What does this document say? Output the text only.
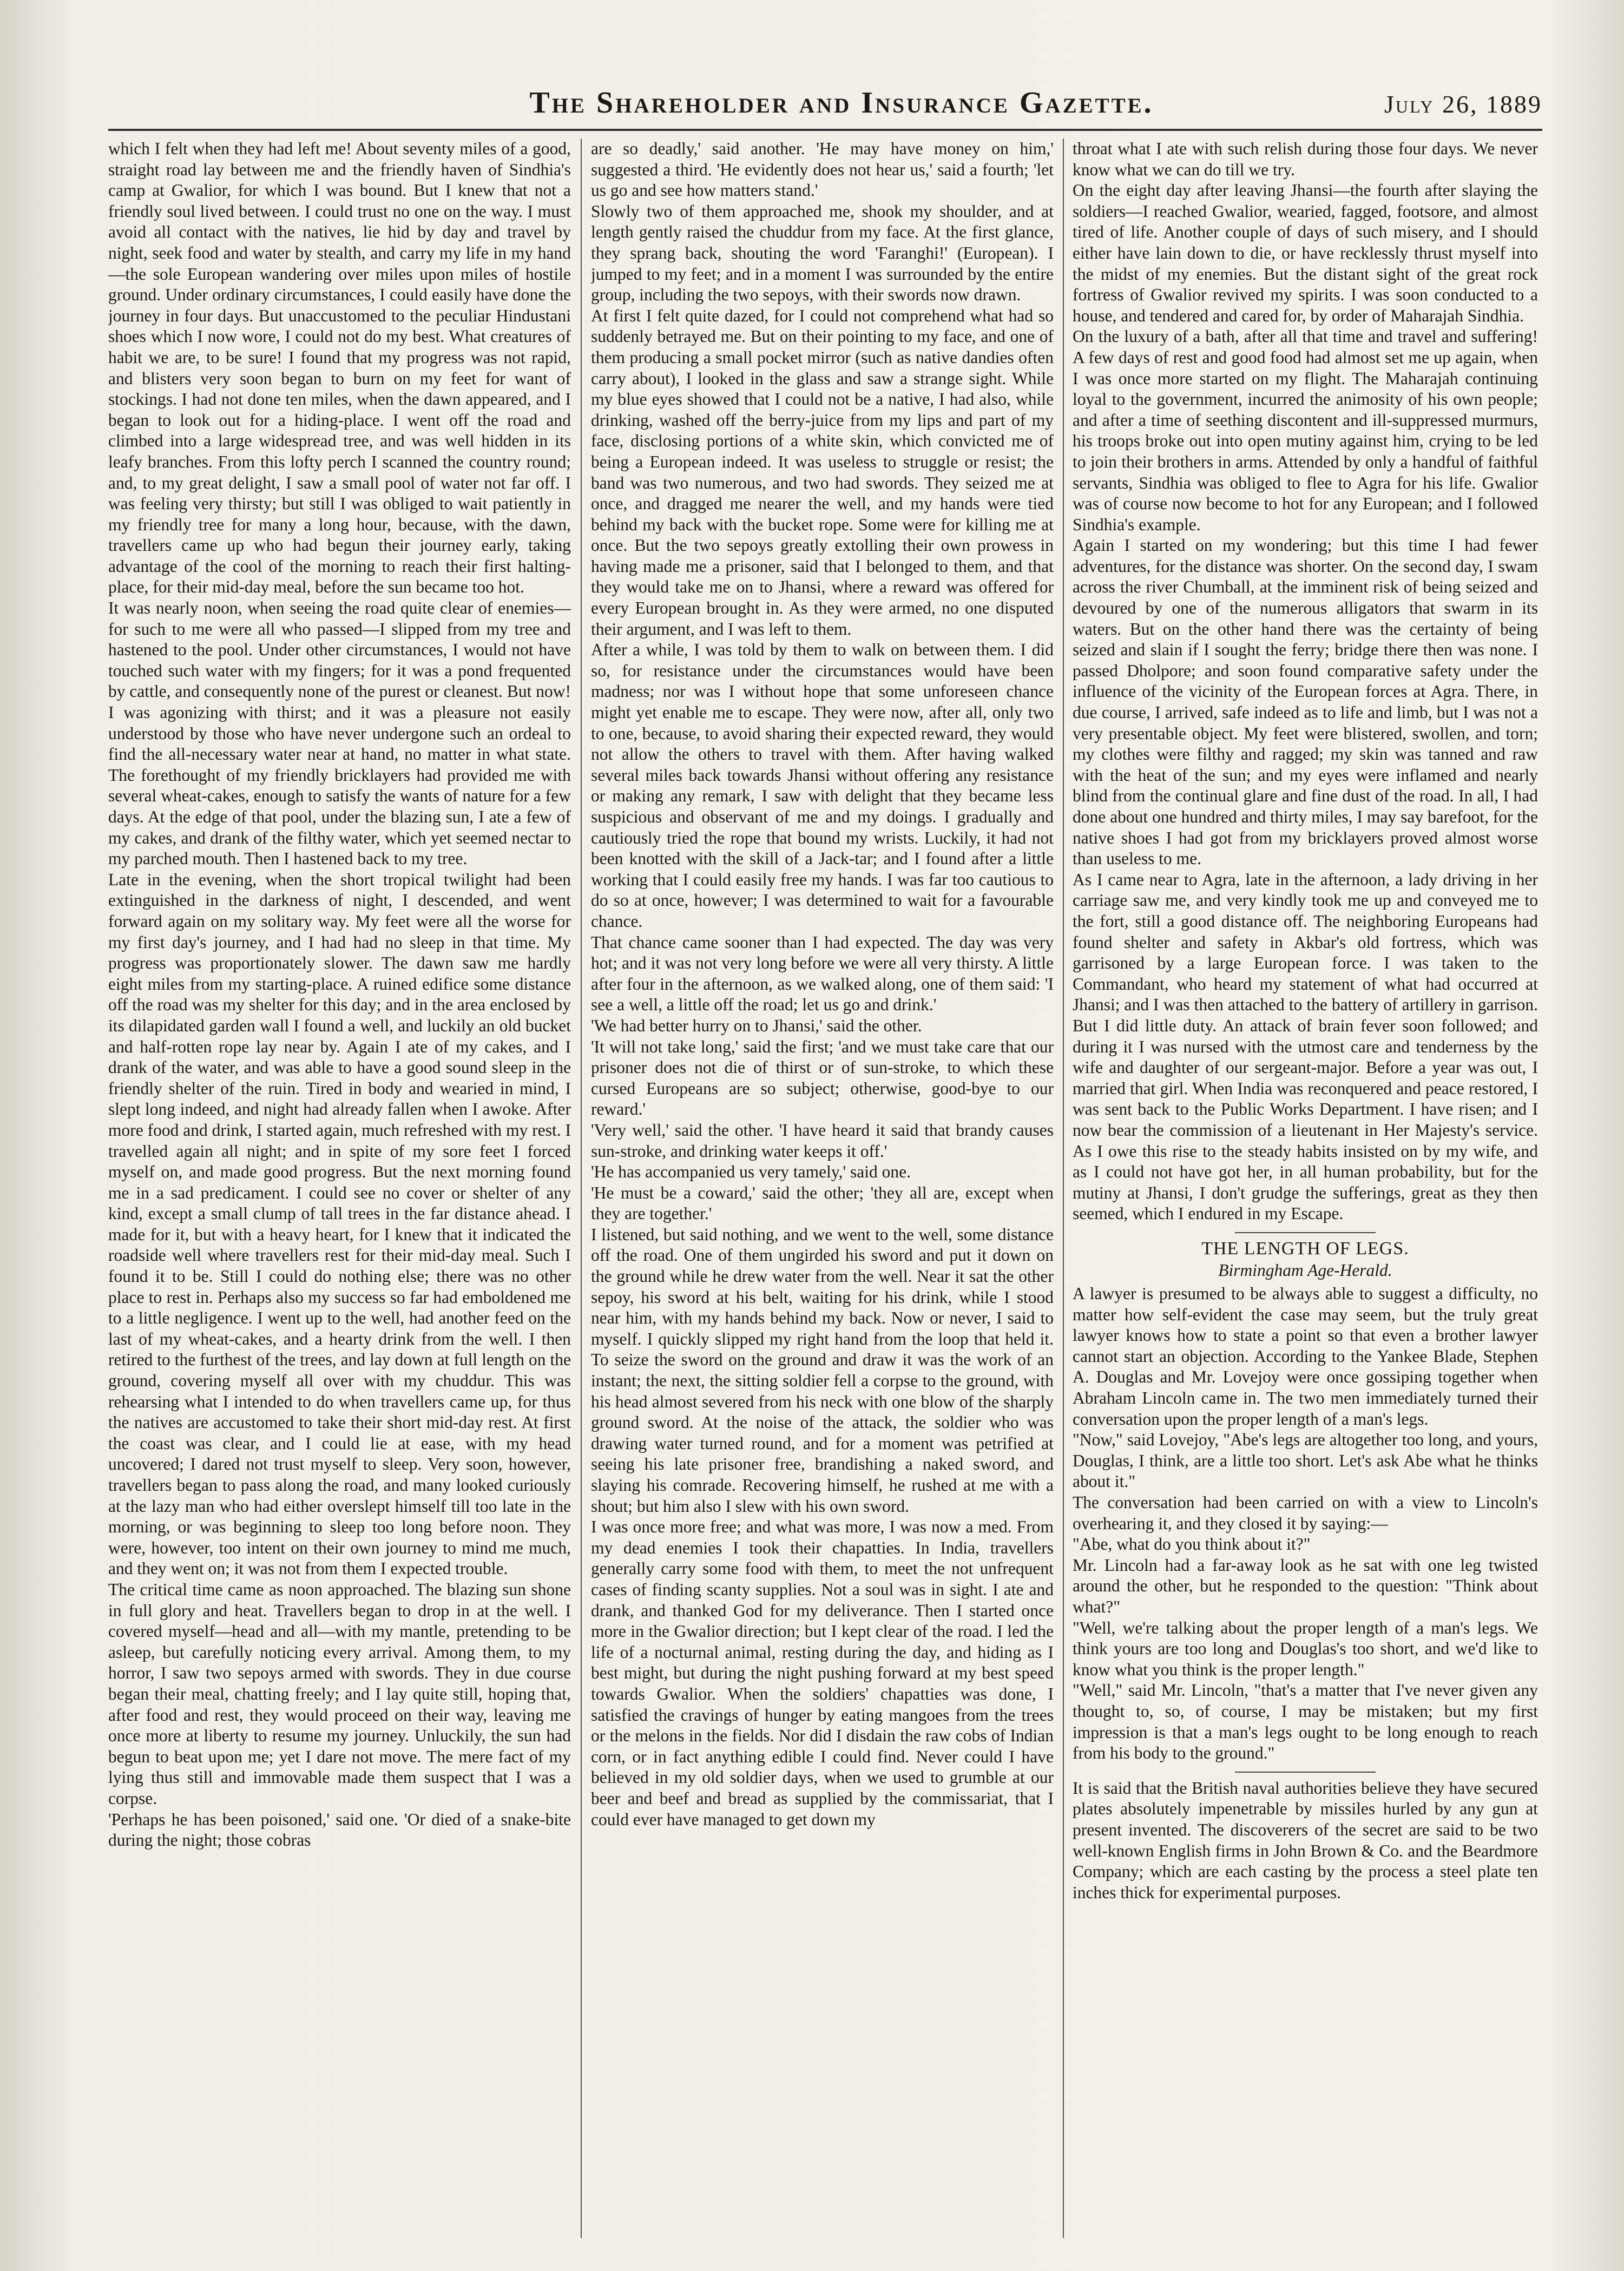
The Shareholder and Insurance Gazette.	July 26, 1889

which I felt when they had left me! About seventy miles of a good, straight road lay between me and the friendly haven of Sindhia's camp at Gwalior, for which I was bound. But I knew that not a friendly soul lived between. I could trust no one on the way. I must avoid all contact with the natives, lie hid by day and travel by night, seek food and water by stealth, and carry my life in my hand—the sole European wandering over miles upon miles of hostile ground. Under ordinary circumstances, I could easily have done the journey in four days. But unaccustomed to the peculiar Hindustani shoes which I now wore, I could not do my best. What creatures of habit we are, to be sure! I found that my progress was not rapid, and blisters very soon began to burn on my feet for want of stockings. I had not done ten miles, when the dawn appeared, and I began to look out for a hiding-place. I went off the road and climbed into a large widespread tree, and was well hidden in its leafy branches. From this lofty perch I scanned the country round; and, to my great delight, I saw a small pool of water not far off. I was feeling very thirsty; but still I was obliged to wait patiently in my friendly tree for many a long hour, because, with the dawn, travellers came up who had begun their journey early, taking advantage of the cool of the morning to reach their first halting-place, for their mid-day meal, before the sun became too hot.

It was nearly noon, when seeing the road quite clear of enemies—for such to me were all who passed—I slipped from my tree and hastened to the pool. Under other circumstances, I would not have touched such water with my fingers; for it was a pond frequented by cattle, and consequently none of the purest or cleanest. But now! I was agonizing with thirst; and it was a pleasure not easily understood by those who have never undergone such an ordeal to find the all-necessary water near at hand, no matter in what state. The forethought of my friendly bricklayers had provided me with several wheat-cakes, enough to satisfy the wants of nature for a few days. At the edge of that pool, under the blazing sun, I ate a few of my cakes, and drank of the filthy water, which yet seemed nectar to my parched mouth. Then I hastened back to my tree.

Late in the evening, when the short tropical twilight had been extinguished in the darkness of night, I descended, and went forward again on my solitary way. My feet were all the worse for my first day's journey, and I had had no sleep in that time. My progress was proportionately slower. The dawn saw me hardly eight miles from my starting-place. A ruined edifice some distance off the road was my shelter for this day; and in the area enclosed by its dilapidated garden wall I found a well, and luckily an old bucket and half-rotten rope lay near by. Again I ate of my cakes, and I drank of the water, and was able to have a good sound sleep in the friendly shelter of the ruin. Tired in body and wearied in mind, I slept long indeed, and night had already fallen when I awoke. After more food and drink, I started again, much refreshed with my rest. I travelled again all night; and in spite of my sore feet I forced myself on, and made good progress. But the next morning found me in a sad predicament. I could see no cover or shelter of any kind, except a small clump of tall trees in the far distance ahead. I made for it, but with a heavy heart, for I knew that it indicated the roadside well where travellers rest for their mid-day meal. Such I found it to be. Still I could do nothing else; there was no other place to rest in. Perhaps also my success so far had emboldened me to a little negligence. I went up to the well, had another feed on the last of my wheat-cakes, and a hearty drink from the well. I then retired to the furthest of the trees, and lay down at full length on the ground, covering myself all over with my chuddur. This was rehearsing what I intended to do when travellers came up, for thus the natives are accustomed to take their short mid-day rest. At first the coast was clear, and I could lie at ease, with my head uncovered; I dared not trust myself to sleep. Very soon, however, travellers began to pass along the road, and many looked curiously at the lazy man who had either overslept himself till too late in the morning, or was beginning to sleep too long before noon. They were, however, too intent on their own journey to mind me much, and they went on; it was not from them I expected trouble.

The critical time came as noon approached. The blazing sun shone in full glory and heat. Travellers began to drop in at the well. I covered myself—head and all—with my mantle, pretending to be asleep, but carefully noticing every arrival. Among them, to my horror, I saw two sepoys armed with swords. They in due course began their meal, chatting freely; and I lay quite still, hoping that, after food and rest, they would proceed on their way, leaving me once more at liberty to resume my journey. Unluckily, the sun had begun to beat upon me; yet I dare not move. The mere fact of my lying thus still and immovable made them suspect that I was a corpse.

'Perhaps he has been poisoned,' said one. 'Or died of a snake-bite during the night; those cobras

are so deadly,' said another. 'He may have money on him,' suggested a third. 'He evidently does not hear us,' said a fourth; 'let us go and see how matters stand.'

Slowly two of them approached me, shook my shoulder, and at length gently raised the chuddur from my face. At the first glance, they sprang back, shouting the word 'Faranghi!' (European). I jumped to my feet; and in a moment I was surrounded by the entire group, including the two sepoys, with their swords now drawn.

At first I felt quite dazed, for I could not comprehend what had so suddenly betrayed me. But on their pointing to my face, and one of them producing a small pocket mirror (such as native dandies often carry about), I looked in the glass and saw a strange sight. While my blue eyes showed that I could not be a native, I had also, while drinking, washed off the berry-juice from my lips and part of my face, disclosing portions of a white skin, which convicted me of being a European indeed. It was useless to struggle or resist; the band was two numerous, and two had swords. They seized me at once, and dragged me nearer the well, and my hands were tied behind my back with the bucket rope. Some were for killing me at once. But the two sepoys greatly extolling their own prowess in having made me a prisoner, said that I belonged to them, and that they would take me on to Jhansi, where a reward was offered for every European brought in. As they were armed, no one disputed their argument, and I was left to them.

After a while, I was told by them to walk on between them. I did so, for resistance under the circumstances would have been madness; nor was I without hope that some unforeseen chance might yet enable me to escape. They were now, after all, only two to one, because, to avoid sharing their expected reward, they would not allow the others to travel with them. After having walked several miles back towards Jhansi without offering any resistance or making any remark, I saw with delight that they became less suspicious and observant of me and my doings. I gradually and cautiously tried the rope that bound my wrists. Luckily, it had not been knotted with the skill of a Jack-tar; and I found after a little working that I could easily free my hands. I was far too cautious to do so at once, however; I was determined to wait for a favourable chance.

That chance came sooner than I had expected. The day was very hot; and it was not very long before we were all very thirsty. A little after four in the afternoon, as we walked along, one of them said: 'I see a well, a little off the road; let us go and drink.'

'We had better hurry on to Jhansi,' said the other.

'It will not take long,' said the first; 'and we must take care that our prisoner does not die of thirst or of sun-stroke, to which these cursed Europeans are so subject; otherwise, good-bye to our reward.'

'Very well,' said the other. 'I have heard it said that brandy causes sun-stroke, and drinking water keeps it off.'

'He has accompanied us very tamely,' said one.

'He must be a coward,' said the other; 'they all are, except when they are together.'

I listened, but said nothing, and we went to the well, some distance off the road. One of them ungirded his sword and put it down on the ground while he drew water from the well. Near it sat the other sepoy, his sword at his belt, waiting for his drink, while I stood near him, with my hands behind my back. Now or never, I said to myself. I quickly slipped my right hand from the loop that held it. To seize the sword on the ground and draw it was the work of an instant; the next, the sitting soldier fell a corpse to the ground, with his head almost severed from his neck with one blow of the sharply ground sword. At the noise of the attack, the soldier who was drawing water turned round, and for a moment was petrified at seeing his late prisoner free, brandishing a naked sword, and slaying his comrade. Recovering himself, he rushed at me with a shout; but him also I slew with his own sword.

I was once more free; and what was more, I was now a med. From my dead enemies I took their chapatties. In India, travellers generally carry some food with them, to meet the not unfrequent cases of finding scanty supplies. Not a soul was in sight. I ate and drank, and thanked God for my deliverance. Then I started once more in the Gwalior direction; but I kept clear of the road. I led the life of a nocturnal animal, resting during the day, and hiding as I best might, but during the night pushing forward at my best speed towards Gwalior. When the soldiers' chapatties was done, I satisfied the cravings of hunger by eating mangoes from the trees or the melons in the fields. Nor did I disdain the raw cobs of Indian corn, or in fact anything edible I could find. Never could I have believed in my old soldier days, when we used to grumble at our beer and beef and bread as supplied by the commissariat, that I could ever have managed to get down my

throat what I ate with such relish during those four days. We never know what we can do till we try.

On the eight day after leaving Jhansi—the fourth after slaying the soldiers—I reached Gwalior, wearied, fagged, footsore, and almost tired of life. Another couple of days of such misery, and I should either have lain down to die, or have recklessly thrust myself into the midst of my enemies. But the distant sight of the great rock fortress of Gwalior revived my spirits. I was soon conducted to a house, and tendered and cared for, by order of Maharajah Sindhia.

On the luxury of a bath, after all that time and travel and suffering! A few days of rest and good food had almost set me up again, when I was once more started on my flight. The Maharajah continuing loyal to the government, incurred the animosity of his own people; and after a time of seething discontent and ill-suppressed murmurs, his troops broke out into open mutiny against him, crying to be led to join their brothers in arms. Attended by only a handful of faithful servants, Sindhia was obliged to flee to Agra for his life. Gwalior was of course now become to hot for any European; and I followed Sindhia's example.

Again I started on my wondering; but this time I had fewer adventures, for the distance was shorter. On the second day, I swam across the river Chumball, at the imminent risk of being seized and devoured by one of the numerous alligators that swarm in its waters. But on the other hand there was the certainty of being seized and slain if I sought the ferry; bridge there then was none. I passed Dholpore; and soon found comparative safety under the influence of the vicinity of the European forces at Agra. There, in due course, I arrived, safe indeed as to life and limb, but I was not a very presentable object. My feet were blistered, swollen, and torn; my clothes were filthy and ragged; my skin was tanned and raw with the heat of the sun; and my eyes were inflamed and nearly blind from the continual glare and fine dust of the road. In all, I had done about one hundred and thirty miles, I may say barefoot, for the native shoes I had got from my bricklayers proved almost worse than useless to me.

As I came near to Agra, late in the afternoon, a lady driving in her carriage saw me, and very kindly took me up and conveyed me to the fort, still a good distance off. The neighboring Europeans had found shelter and safety in Akbar's old fortress, which was garrisoned by a large European force. I was taken to the Commandant, who heard my statement of what had occurred at Jhansi; and I was then attached to the battery of artillery in garrison. But I did little duty. An attack of brain fever soon followed; and during it I was nursed with the utmost care and tenderness by the wife and daughter of our sergeant-major. Before a year was out, I married that girl. When India was reconquered and peace restored, I was sent back to the Public Works Department. I have risen; and I now bear the commission of a lieutenant in Her Majesty's service. As I owe this rise to the steady habits insisted on by my wife, and as I could not have got her, in all human probability, but for the mutiny at Jhansi, I don't grudge the sufferings, great as they then seemed, which I endured in my Escape.

THE LENGTH OF LEGS.
Birmingham Age-Herald.

A lawyer is presumed to be always able to suggest a difficulty, no matter how self-evident the case may seem, but the truly great lawyer knows how to state a point so that even a brother lawyer cannot start an objection. According to the Yankee Blade, Stephen A. Douglas and Mr. Lovejoy were once gossiping together when Abraham Lincoln came in. The two men immediately turned their conversation upon the proper length of a man's legs.

"Now," said Lovejoy, "Abe's legs are altogether too long, and yours, Douglas, I think, are a little too short. Let's ask Abe what he thinks about it."

The conversation had been carried on with a view to Lincoln's overhearing it, and they closed it by saying:—

"Abe, what do you think about it?"

Mr. Lincoln had a far-away look as he sat with one leg twisted around the other, but he responded to the question: "Think about what?"

"Well, we're talking about the proper length of a man's legs. We think yours are too long and Douglas's too short, and we'd like to know what you think is the proper length."

"Well," said Mr. Lincoln, "that's a matter that I've never given any thought to, so, of course, I may be mistaken; but my first impression is that a man's legs ought to be long enough to reach from his body to the ground."

It is said that the British naval authorities believe they have secured plates absolutely impenetrable by missiles hurled by any gun at present invented. The discoverers of the secret are said to be two well-known English firms in John Brown & Co. and the Beardmore Company; which are each casting by the process a steel plate ten inches thick for experimental purposes.
